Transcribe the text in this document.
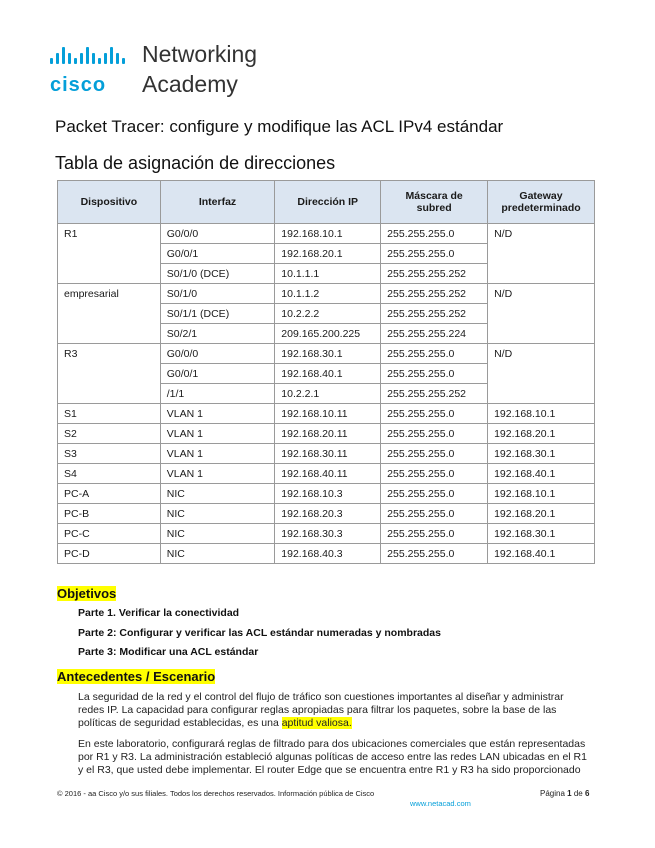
cisco
Networking
Academy
Packet Tracer: configure y modifique las ACL IPv4 estándar
Tabla de asignación de direcciones
Dispositivo	Interfaz	Dirección IP	Máscara de subred	Gateway predeterminado
R1	G0/0/0	192.168.10.1	255.255.255.0	N/D
	G0/0/1	192.168.20.1	255.255.255.0	
	S0/1/0 (DCE)	10.1.1.1	255.255.255.252	
empresarial	S0/1/0	10.1.1.2	255.255.255.252	N/D
	S0/1/1 (DCE)	10.2.2.2	255.255.255.252	
	S0/2/1	209.165.200.225	255.255.255.224	
R3	G0/0/0	192.168.30.1	255.255.255.0	N/D
	G0/0/1	192.168.40.1	255.255.255.0	
	/1/1	10.2.2.1	255.255.255.252	
S1	VLAN 1	192.168.10.11	255.255.255.0	192.168.10.1
S2	VLAN 1	192.168.20.11	255.255.255.0	192.168.20.1
S3	VLAN 1	192.168.30.11	255.255.255.0	192.168.30.1
S4	VLAN 1	192.168.40.11	255.255.255.0	192.168.40.1
PC-A	NIC	192.168.10.3	255.255.255.0	192.168.10.1
PC-B	NIC	192.168.20.3	255.255.255.0	192.168.20.1
PC-C	NIC	192.168.30.3	255.255.255.0	192.168.30.1
PC-D	NIC	192.168.40.3	255.255.255.0	192.168.40.1
Objetivos
Parte 1. Verificar la conectividad
Parte 2: Configurar y verificar las ACL estándar numeradas y nombradas
Parte 3: Modificar una ACL estándar
Antecedentes / Escenario
La seguridad de la red y el control del flujo de tráfico son cuestiones importantes al diseñar y administrar
redes IP. La capacidad para configurar reglas apropiadas para filtrar los paquetes, sobre la base de las
políticas de seguridad establecidas, es una aptitud valiosa.
En este laboratorio, configurará reglas de filtrado para dos ubicaciones comerciales que están representadas
por R1 y R3. La administración estableció algunas políticas de acceso entre las redes LAN ubicadas en el R1
y el R3, que usted debe implementar. El router Edge que se encuentra entre R1 y R3 ha sido proporcionado
© 2016 - aa Cisco y/o sus filiales. Todos los derechos reservados. Información pública de Cisco
www.netacad.com
Página 1 de 6
